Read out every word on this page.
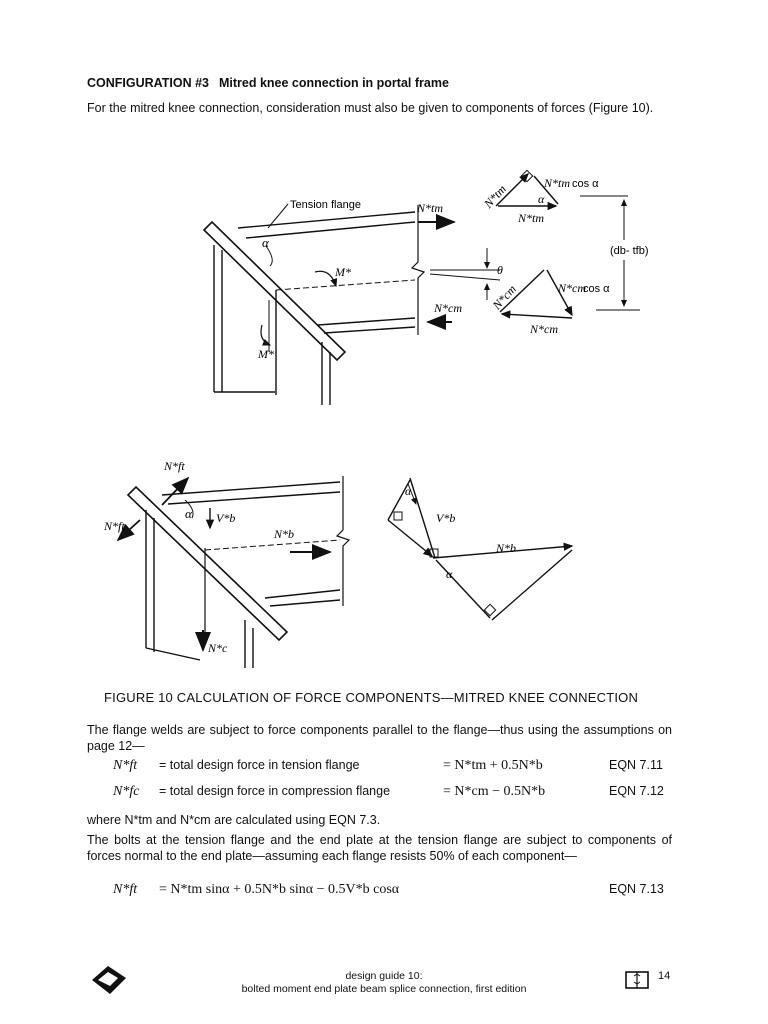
CONFIGURATION #3 Mitred knee connection in portal frame
For the mitred knee connection, consideration must also be given to components of forces (Figure 10).
Tension flange	N*tm
N*cm
α
M*
M*
θ
N*tm cos α
α
N*tm
N*tm
N*cm
cos α
N*cm
N*cm
(db- tfb)
N*ft
N*ft
α V*b
N*b
N*c
V*b
N*b
α
α
FIGURE 10 CALCULATION OF FORCE COMPONENTS—MITRED KNEE CONNECTION
The flange welds are subject to force components parallel to the flange—thus using the assumptions on page 12—
N*ft = total design force in tension flange	= N*tm + 0.5N*b	EQN 7.11
N*fc = total design force in compression flange	= N*cm − 0.5N*b	EQN 7.12
where N*tm and N*cm are calculated using EQN 7.3.
The bolts at the tension flange and the end plate at the tension flange are subject to components of forces normal to the end plate—assuming each flange resists 50% of each component—
N*ft = N*tm sinα + 0.5N*b sinα − 0.5V*b cosα	EQN 7.13
design guide 10:
bolted moment end plate beam splice connection, first edition
14
